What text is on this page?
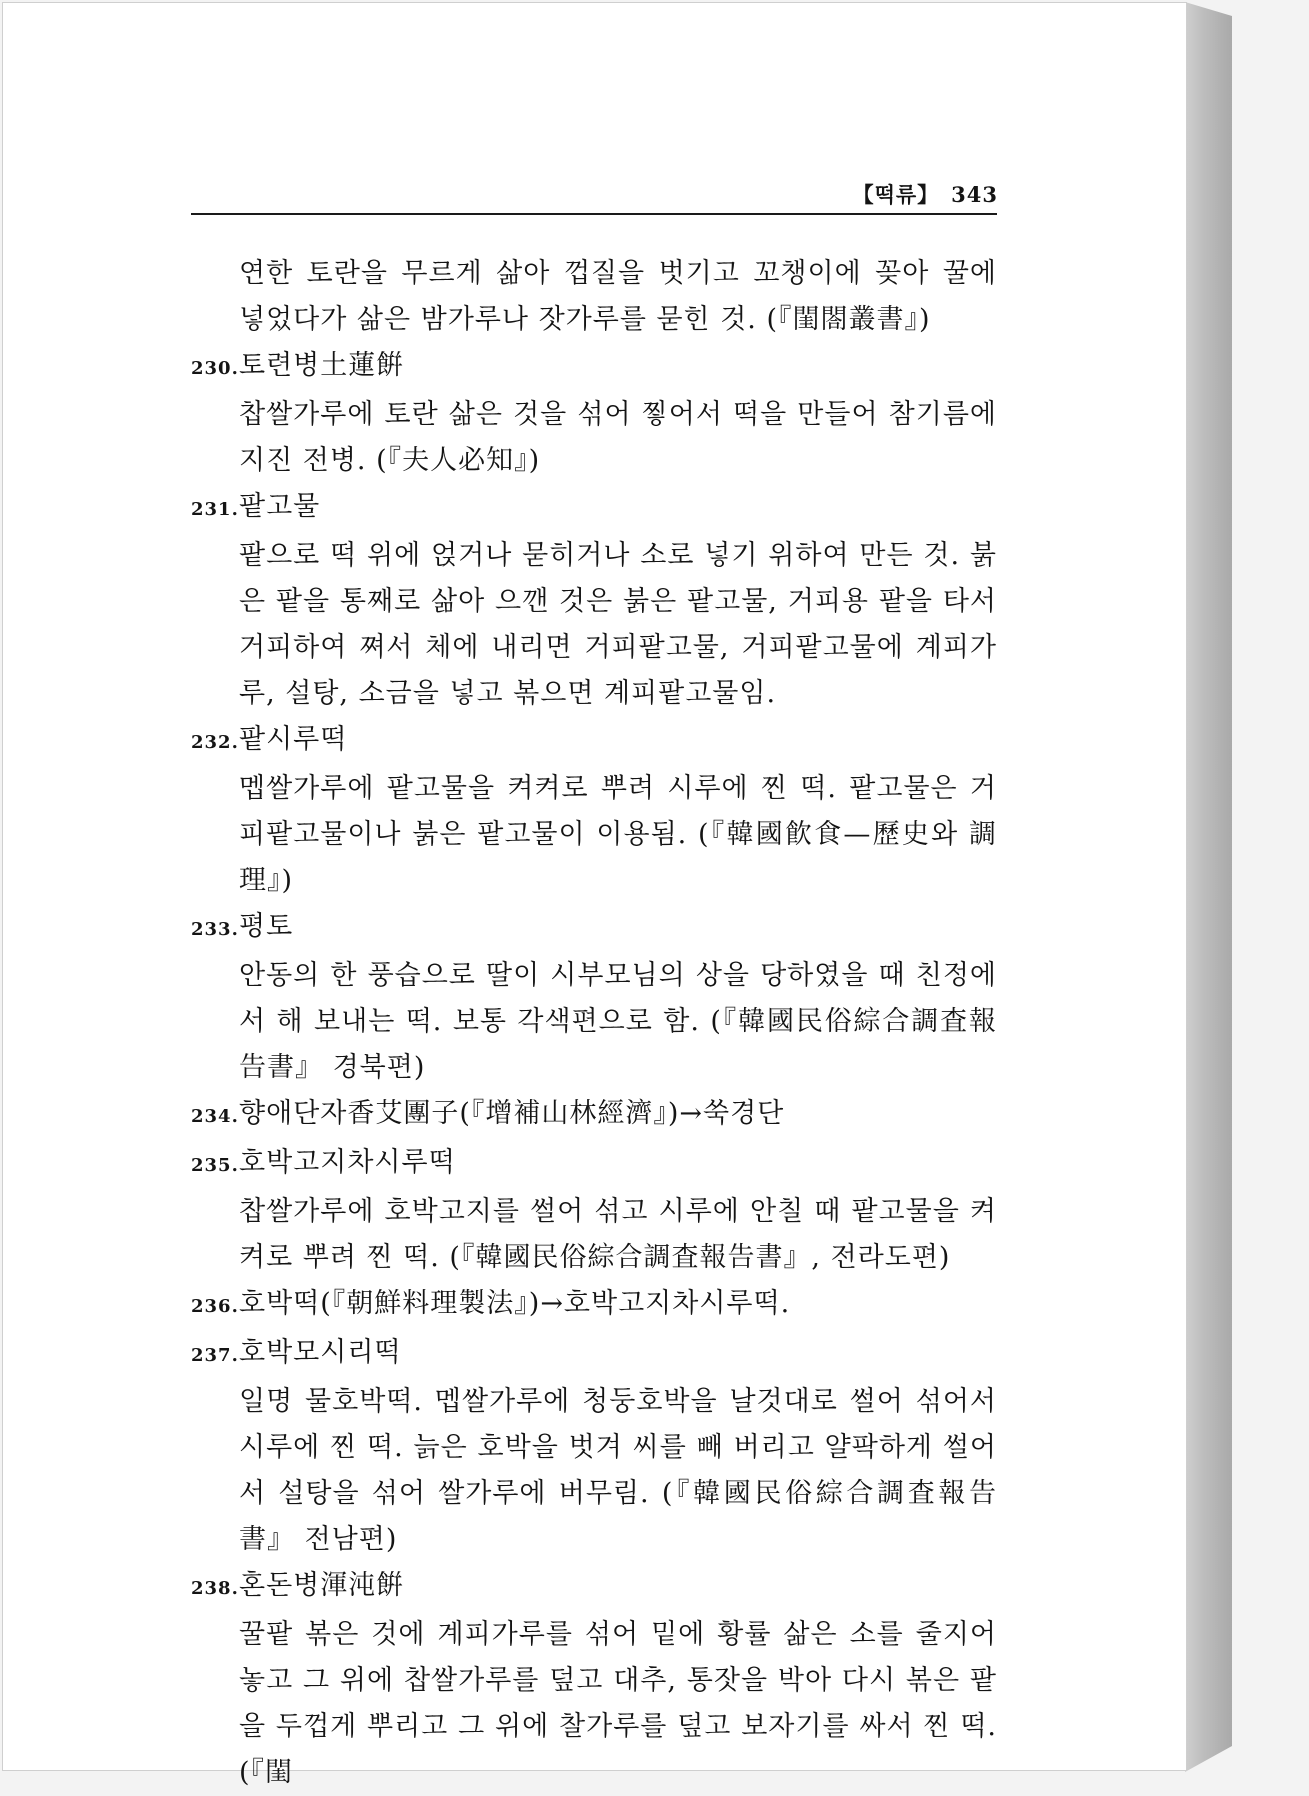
【떡류】 343
연한 토란을 무르게 삶아 껍질을 벗기고 꼬챙이에 꽂아 꿀에 넣었다가 삶은 밤가루나 잣가루를 묻힌 것. (『閨閤叢書』)
230.토련병土蓮餠
찹쌀가루에 토란 삶은 것을 섞어 찧어서 떡을 만들어 참기름에 지진 전병. (『夫人必知』)
231.팥고물
팥으로 떡 위에 얹거나 묻히거나 소로 넣기 위하여 만든 것. 붉은 팥을 통째로 삶아 으깬 것은 붉은 팥고물, 거피용 팥을 타서 거피하여 쪄서 체에 내리면 거피팥고물, 거피팥고물에 계피가루, 설탕, 소금을 넣고 볶으면 계피팥고물임.
232.팥시루떡
멥쌀가루에 팥고물을 켜켜로 뿌려 시루에 찐 떡. 팥고물은 거피팥고물이나 붉은 팥고물이 이용됨. (『韓國飮食—歷史와 調理』)
233.평토
안동의 한 풍습으로 딸이 시부모님의 상을 당하였을 때 친정에서 해 보내는 떡. 보통 각색편으로 함. (『韓國民俗綜合調査報告書』 경북편)
234.향애단자香艾團子(『增補山林經濟』)→쑥경단
235.호박고지차시루떡
찹쌀가루에 호박고지를 썰어 섞고 시루에 안칠 때 팥고물을 켜켜로 뿌려 찐 떡. (『韓國民俗綜合調査報告書』, 전라도편)
236.호박떡(『朝鮮料理製法』)→호박고지차시루떡.
237.호박모시리떡
일명 물호박떡. 멥쌀가루에 청둥호박을 날것대로 썰어 섞어서 시루에 찐 떡. 늙은 호박을 벗겨 씨를 빼 버리고 얄팍하게 썰어서 설탕을 섞어 쌀가루에 버무림. (『韓國民俗綜合調査報告書』 전남편)
238.혼돈병渾沌餠
꿀팥 볶은 것에 계피가루를 섞어 밑에 황률 삶은 소를 줄지어 놓고 그 위에 찹쌀가루를 덮고 대추, 통잣을 박아 다시 볶은 팥을 두껍게 뿌리고 그 위에 찰가루를 덮고 보자기를 싸서 찐 떡. (『閨
